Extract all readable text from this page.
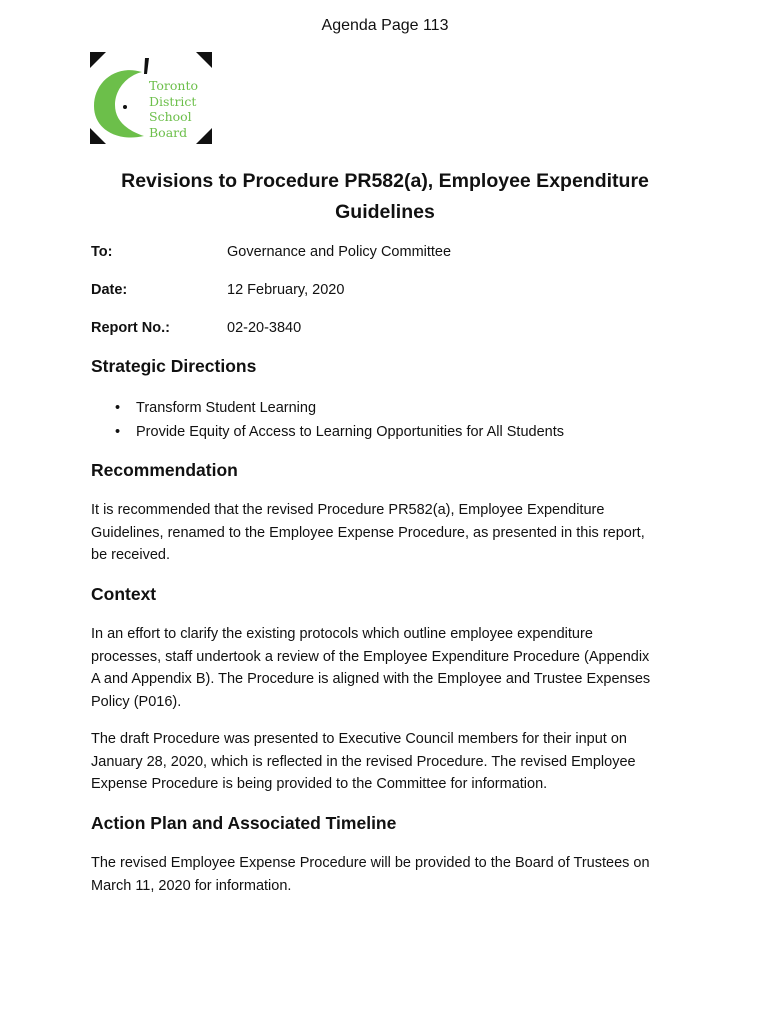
Agenda Page 113
Toronto
District
School
Board
Revisions to Procedure PR582(a), Employee Expenditure
Guidelines
To:	Governance and Policy Committee
Date:	12 February, 2020
Report No.:	02-20-3840
Strategic Directions
• Transform Student Learning
• Provide Equity of Access to Learning Opportunities for All Students
Recommendation

It is recommended that the revised Procedure PR582(a), Employee Expenditure
Guidelines, renamed to the Employee Expense Procedure, as presented in this report,
be received.

Context

In an effort to clarify the existing protocols which outline employee expenditure
processes, staff undertook a review of the Employee Expenditure Procedure (Appendix
A and Appendix B). The Procedure is aligned with the Employee and Trustee Expenses
Policy (P016).

The draft Procedure was presented to Executive Council members for their input on
January 28, 2020, which is reflected in the revised Procedure. The revised Employee
Expense Procedure is being provided to the Committee for information.

Action Plan and Associated Timeline

The revised Employee Expense Procedure will be provided to the Board of Trustees on
March 11, 2020 for information.
